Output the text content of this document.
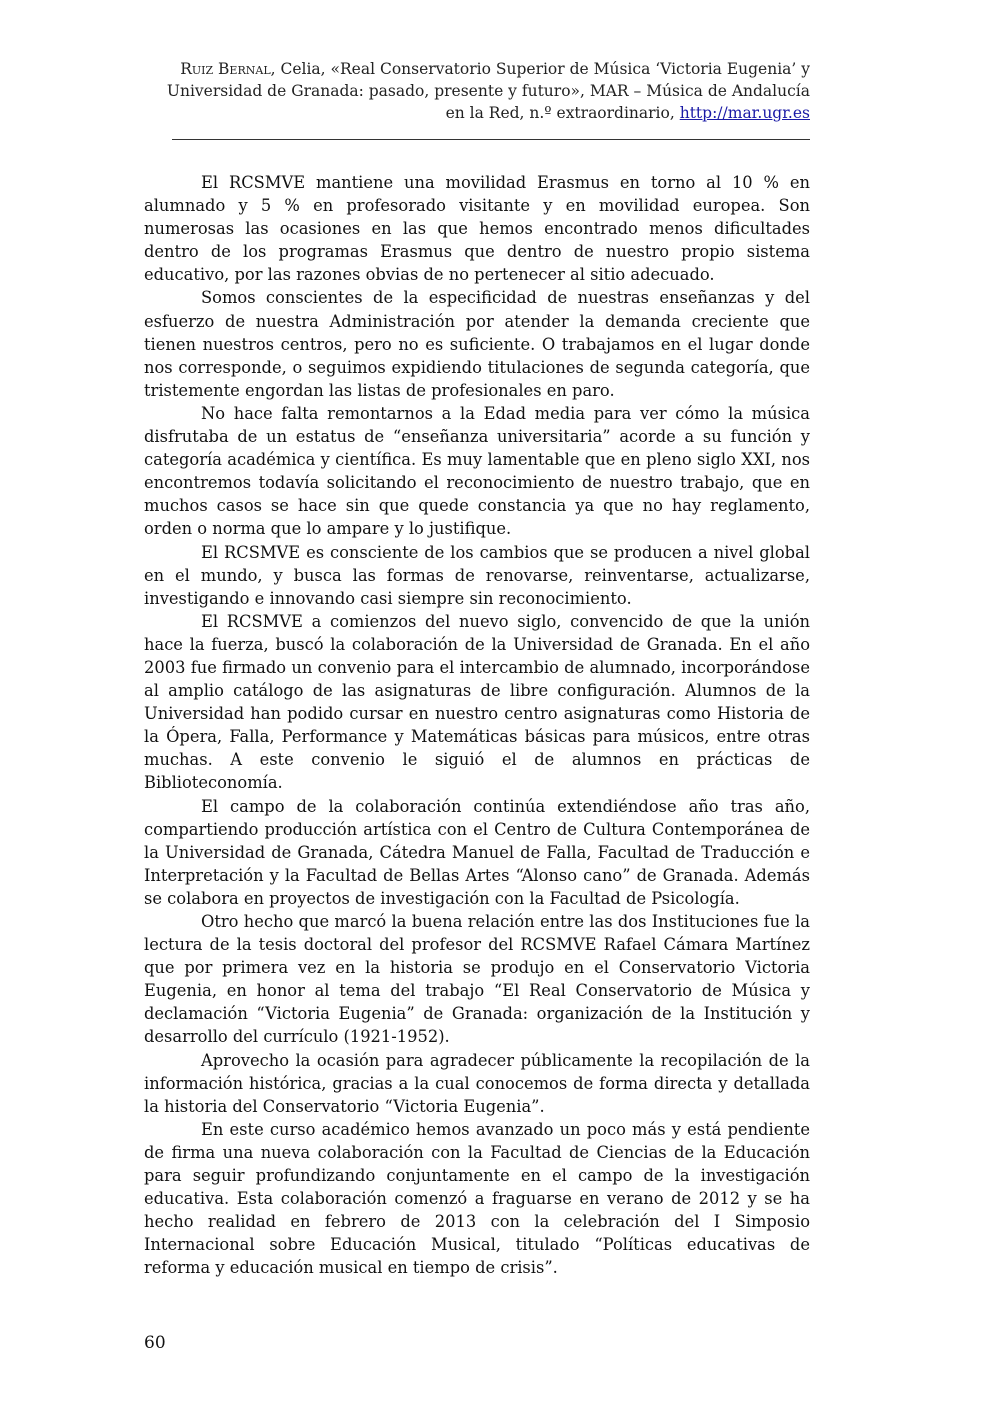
Ruiz Bernal, Celia, «Real Conservatorio Superior de Música ‘Victoria Eugenia’ y Universidad de Granada: pasado, presente y futuro», MAR – Música de Andalucía en la Red, n.º extraordinario, http://mar.ugr.es

El RCSMVE mantiene una movilidad Erasmus en torno al 10 % en alumnado y 5 % en profesorado visitante y en movilidad europea. Son numerosas las ocasiones en las que hemos encontrado menos dificultades dentro de los programas Erasmus que dentro de nuestro propio sistema educativo, por las razones obvias de no pertenecer al sitio adecuado.

Somos conscientes de la especificidad de nuestras enseñanzas y del esfuerzo de nuestra Administración por atender la demanda creciente que tienen nuestros centros, pero no es suficiente. O trabajamos en el lugar donde nos corresponde, o seguimos expidiendo titulaciones de segunda categoría, que tristemente engordan las listas de profesionales en paro.

No hace falta remontarnos a la Edad media para ver cómo la música disfrutaba de un estatus de “enseñanza universitaria” acorde a su función y categoría académica y científica. Es muy lamentable que en pleno siglo XXI, nos encontremos todavía solicitando el reconocimiento de nuestro trabajo, que en muchos casos se hace sin que quede constancia ya que no hay reglamento, orden o norma que lo ampare y lo justifique.

El RCSMVE es consciente de los cambios que se producen a nivel global en el mundo, y busca las formas de renovarse, reinventarse, actualizarse, investigando e innovando casi siempre sin reconocimiento.

El RCSMVE a comienzos del nuevo siglo, convencido de que la unión hace la fuerza, buscó la colaboración de la Universidad de Granada. En el año 2003 fue firmado un convenio para el intercambio de alumnado, incorporándose al amplio catálogo de las asignaturas de libre configuración. Alumnos de la Universidad han podido cursar en nuestro centro asignaturas como Historia de la Ópera, Falla, Performance y Matemáticas básicas para músicos, entre otras muchas. A este convenio le siguió el de alumnos en prácticas de Biblioteconomía.

El campo de la colaboración continúa extendiéndose año tras año, compartiendo producción artística con el Centro de Cultura Contemporánea de la Universidad de Granada, Cátedra Manuel de Falla, Facultad de Traducción e Interpretación y la Facultad de Bellas Artes “Alonso cano” de Granada. Además se colabora en proyectos de investigación con la Facultad de Psicología.

Otro hecho que marcó la buena relación entre las dos Instituciones fue la lectura de la tesis doctoral del profesor del RCSMVE Rafael Cámara Martínez que por primera vez en la historia se produjo en el Conservatorio Victoria Eugenia, en honor al tema del trabajo “El Real Conservatorio de Música y declamación “Victoria Eugenia” de Granada: organización de la Institución y desarrollo del currículo (1921-1952).

Aprovecho la ocasión para agradecer públicamente la recopilación de la información histórica, gracias a la cual conocemos de forma directa y detallada la historia del Conservatorio “Victoria Eugenia”.

En este curso académico hemos avanzado un poco más y está pendiente de firma una nueva colaboración con la Facultad de Ciencias de la Educación para seguir profundizando conjuntamente en el campo de la investigación educativa. Esta colaboración comenzó a fraguarse en verano de 2012 y se ha hecho realidad en febrero de 2013 con la celebración del I Simposio Internacional sobre Educación Musical, titulado “Políticas educativas de reforma y educación musical en tiempo de crisis”.

60
